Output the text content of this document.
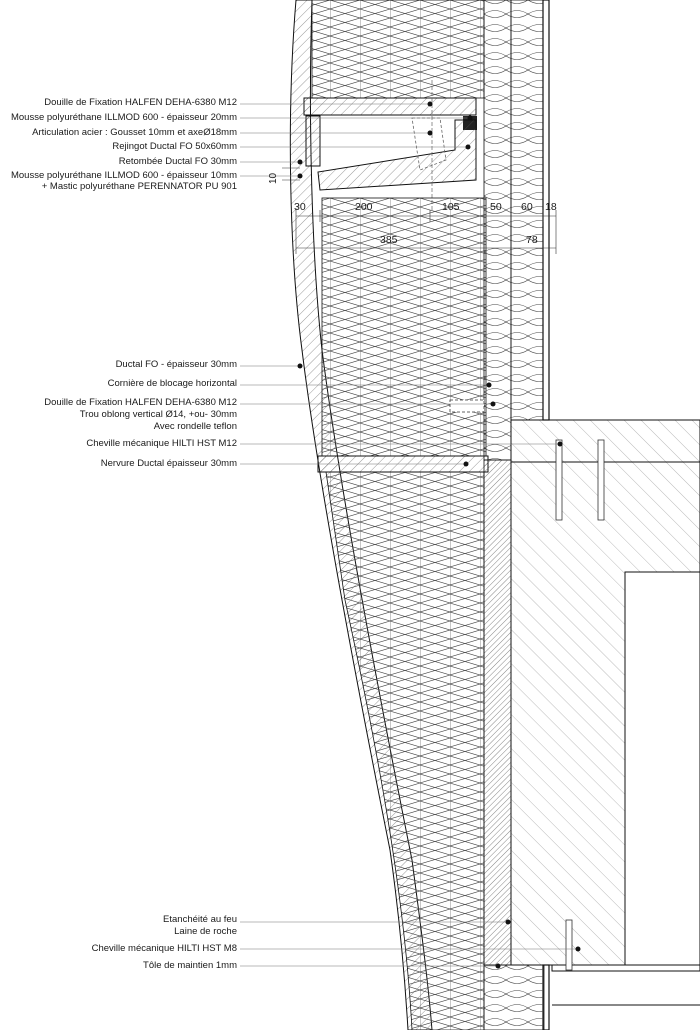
Douille de Fixation HALFEN DEHA-6380 M12
Mousse polyuréthane ILLMOD 600 - épaisseur 20mm
Articulation acier : Gousset 10mm et axeØ18mm
Rejingot Ductal FO 50x60mm
Retombée Ductal FO 30mm
Mousse polyuréthane ILLMOD 600 - épaisseur 10mm
+ Mastic polyuréthane PERENNATOR PU 901
Ductal FO - épaisseur 30mm
Cornière de blocage horizontal
Douille de Fixation HALFEN DEHA-6380 M12
Trou oblong vertical Ø14, +ou- 30mm
Avec rondelle teflon
Cheville mécanique HILTI HST M12
Nervure Ductal épaisseur 30mm
Etanchéité au feu
Laine de roche
Cheville mécanique HILTI HST M8
Tôle de maintien 1mm
30	200	105	50 60 18
385	78
10
